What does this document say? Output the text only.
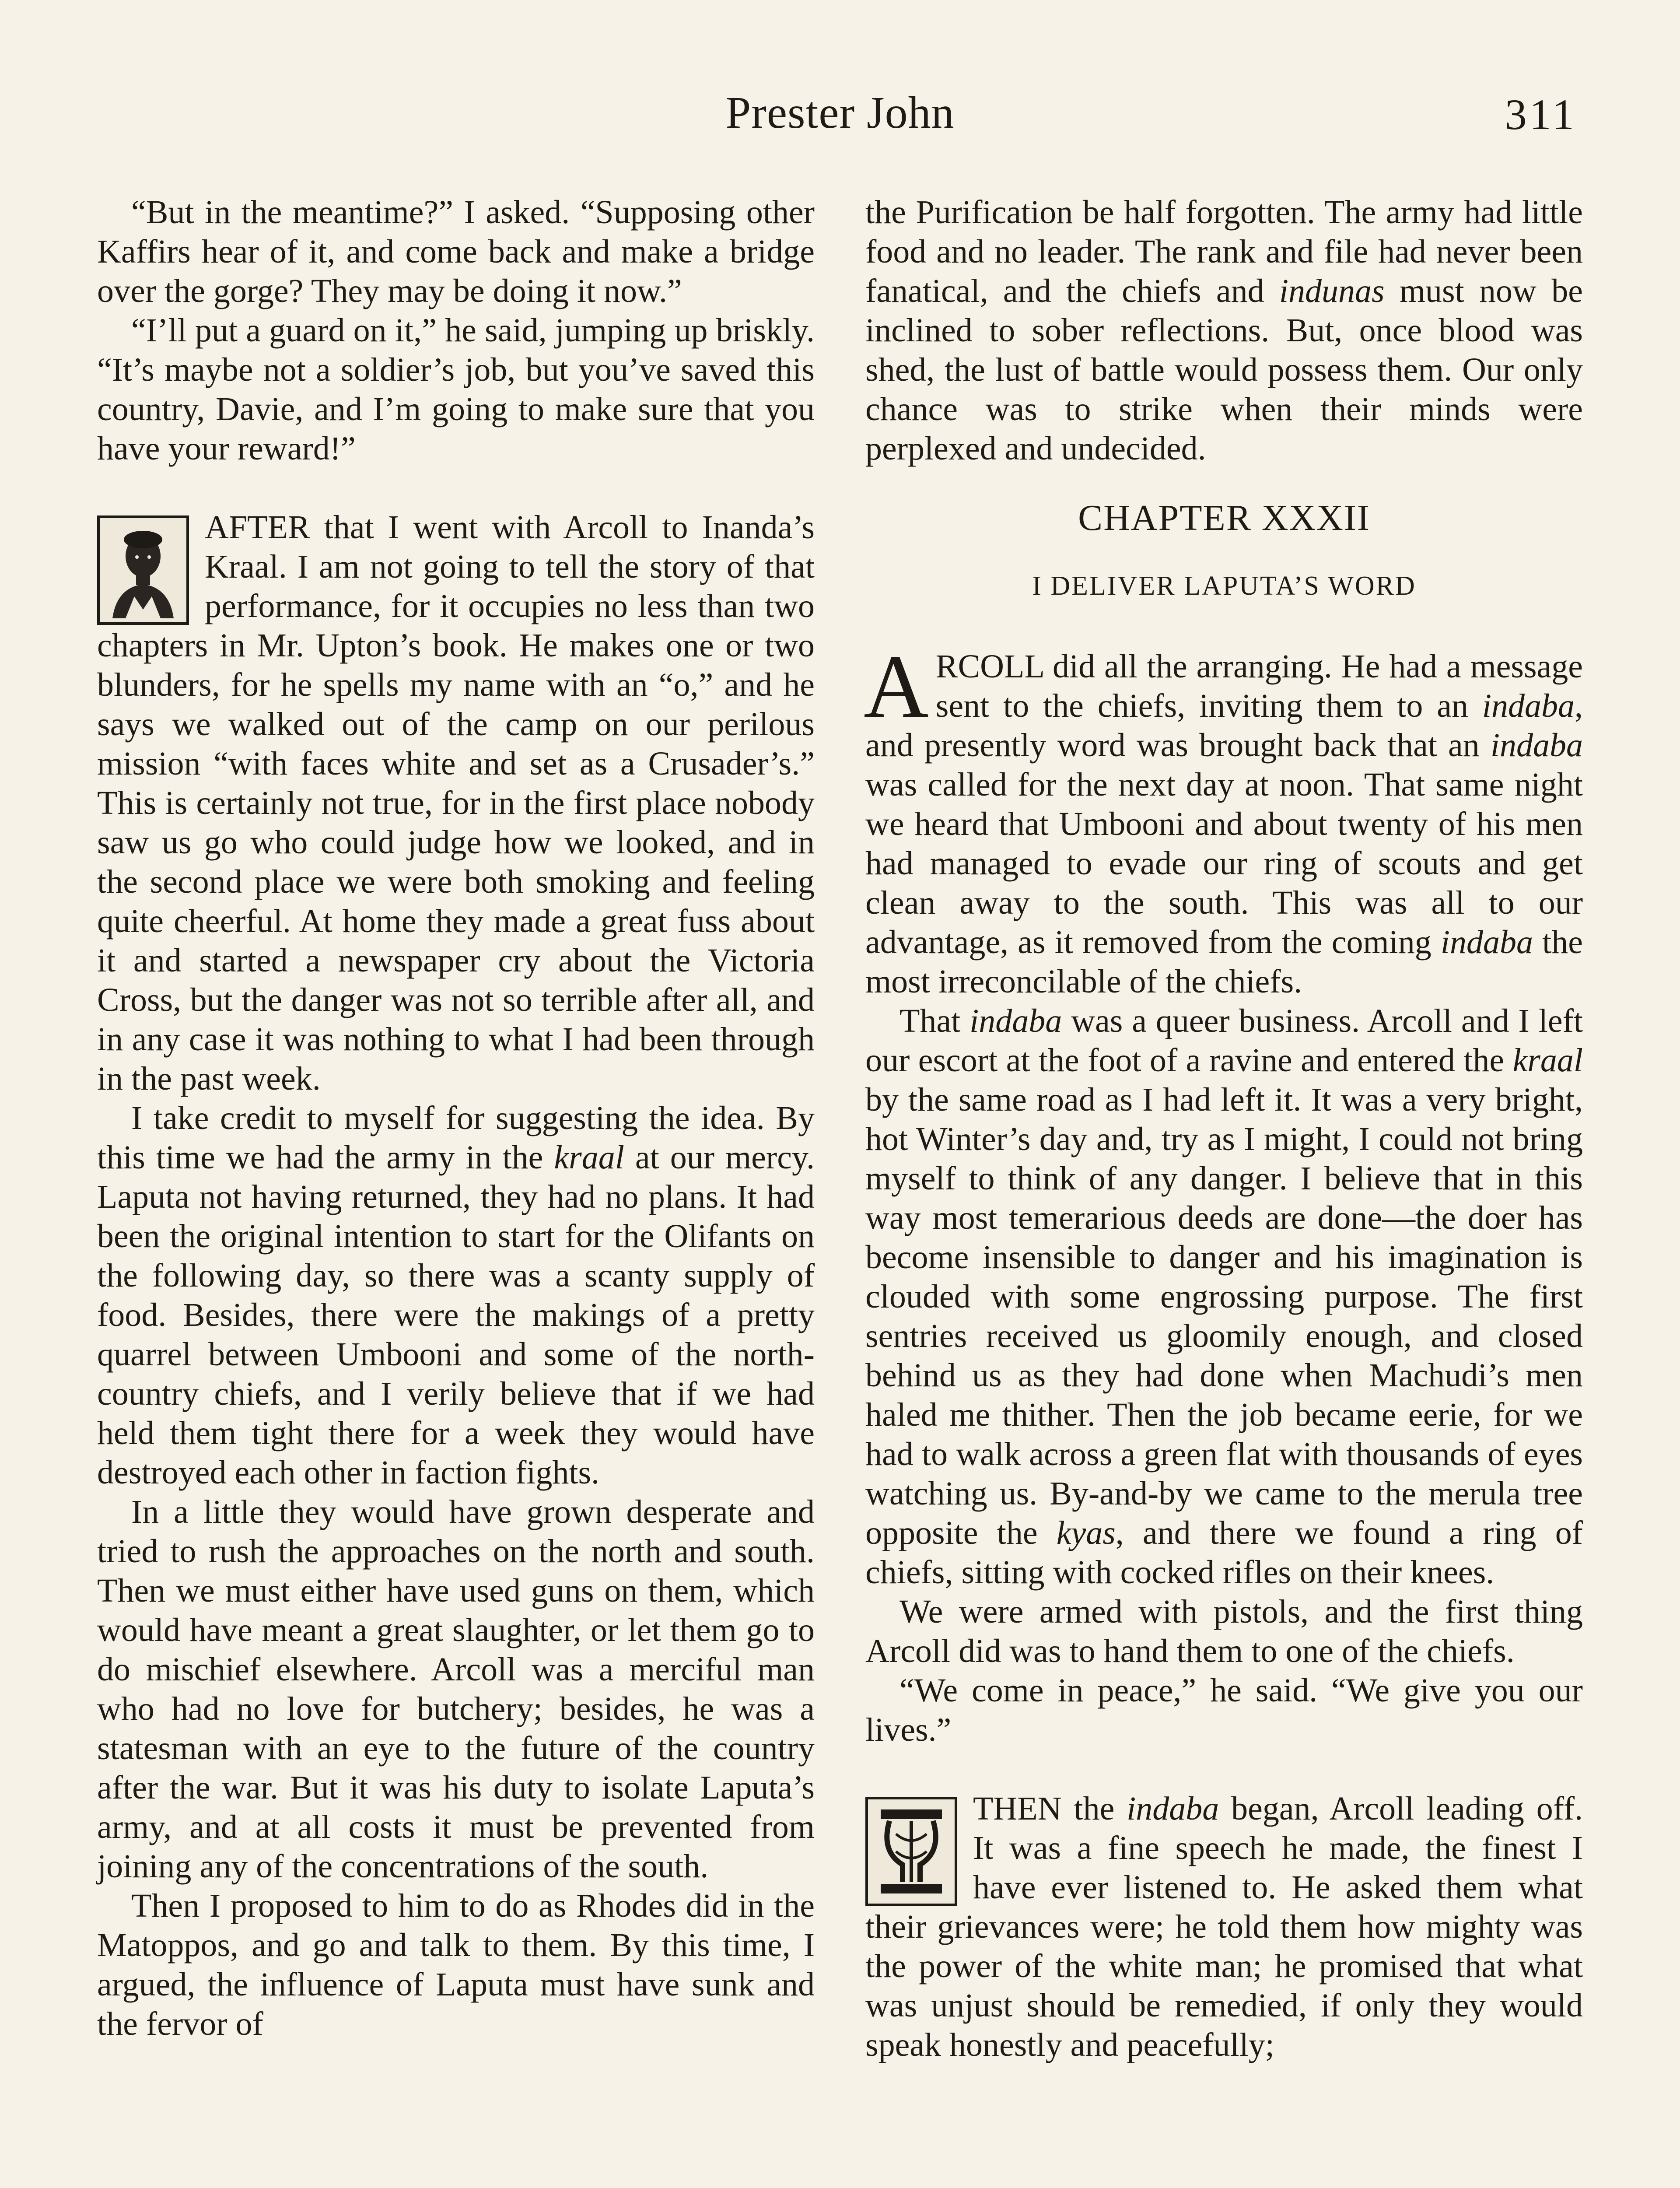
Prester John	311

“But in the meantime?” I asked. “Supposing other Kaffirs hear of it, and come back and make a bridge over the gorge? They may be doing it now.”

“I’ll put a guard on it,” he said, jumping up briskly. “It’s maybe not a soldier’s job, but you’ve saved this country, Davie, and I’m going to make sure that you have your reward!”

AFTER that I went with Arcoll to Inanda’s Kraal. I am not going to tell the story of that performance, for it occupies no less than two chapters in Mr. Upton’s book. He makes one or two blunders, for he spells my name with an “o,” and he says we walked out of the camp on our perilous mission “with faces white and set as a Crusader’s.” This is certainly not true, for in the first place nobody saw us go who could judge how we looked, and in the second place we were both smoking and feeling quite cheerful. At home they made a great fuss about it and started a newspaper cry about the Victoria Cross, but the danger was not so terrible after all, and in any case it was nothing to what I had been through in the past week.

I take credit to myself for suggesting the idea. By this time we had the army in the kraal at our mercy. Laputa not having returned, they had no plans. It had been the original intention to start for the Olifants on the following day, so there was a scanty supply of food. Besides, there were the makings of a pretty quarrel between Umbooni and some of the north-country chiefs, and I verily believe that if we had held them tight there for a week they would have destroyed each other in faction fights.

In a little they would have grown desperate and tried to rush the approaches on the north and south. Then we must either have used guns on them, which would have meant a great slaughter, or let them go to do mischief elsewhere. Arcoll was a merciful man who had no love for butchery; besides, he was a statesman with an eye to the future of the country after the war. But it was his duty to isolate Laputa’s army, and at all costs it must be prevented from joining any of the concentrations of the south.

Then I proposed to him to do as Rhodes did in the Matoppos, and go and talk to them. By this time, I argued, the influence of Laputa must have sunk and the fervor of

the Purification be half forgotten. The army had little food and no leader. The rank and file had never been fanatical, and the chiefs and indunas must now be inclined to sober reflections. But, once blood was shed, the lust of battle would possess them. Our only chance was to strike when their minds were perplexed and undecided.

CHAPTER XXXII
I DELIVER LAPUTA’S WORD

ARCOLL did all the arranging. He had a message sent to the chiefs, inviting them to an indaba, and presently word was brought back that an indaba was called for the next day at noon. That same night we heard that Umbooni and about twenty of his men had managed to evade our ring of scouts and get clean away to the south. This was all to our advantage, as it removed from the coming indaba the most irreconcilable of the chiefs.

That indaba was a queer business. Arcoll and I left our escort at the foot of a ravine and entered the kraal by the same road as I had left it. It was a very bright, hot Winter’s day and, try as I might, I could not bring myself to think of any danger. I believe that in this way most temerarious deeds are done—the doer has become insensible to danger and his imagination is clouded with some engrossing purpose. The first sentries received us gloomily enough, and closed behind us as they had done when Machudi’s men haled me thither. Then the job became eerie, for we had to walk across a green flat with thousands of eyes watching us. By-and-by we came to the merula tree opposite the kyas, and there we found a ring of chiefs, sitting with cocked rifles on their knees.

We were armed with pistols, and the first thing Arcoll did was to hand them to one of the chiefs.

“We come in peace,” he said. “We give you our lives.”

THEN the indaba began, Arcoll leading off. It was a fine speech he made, the finest I have ever listened to. He asked them what their grievances were; he told them how mighty was the power of the white man; he promised that what was unjust should be remedied, if only they would speak honestly and peacefully;
